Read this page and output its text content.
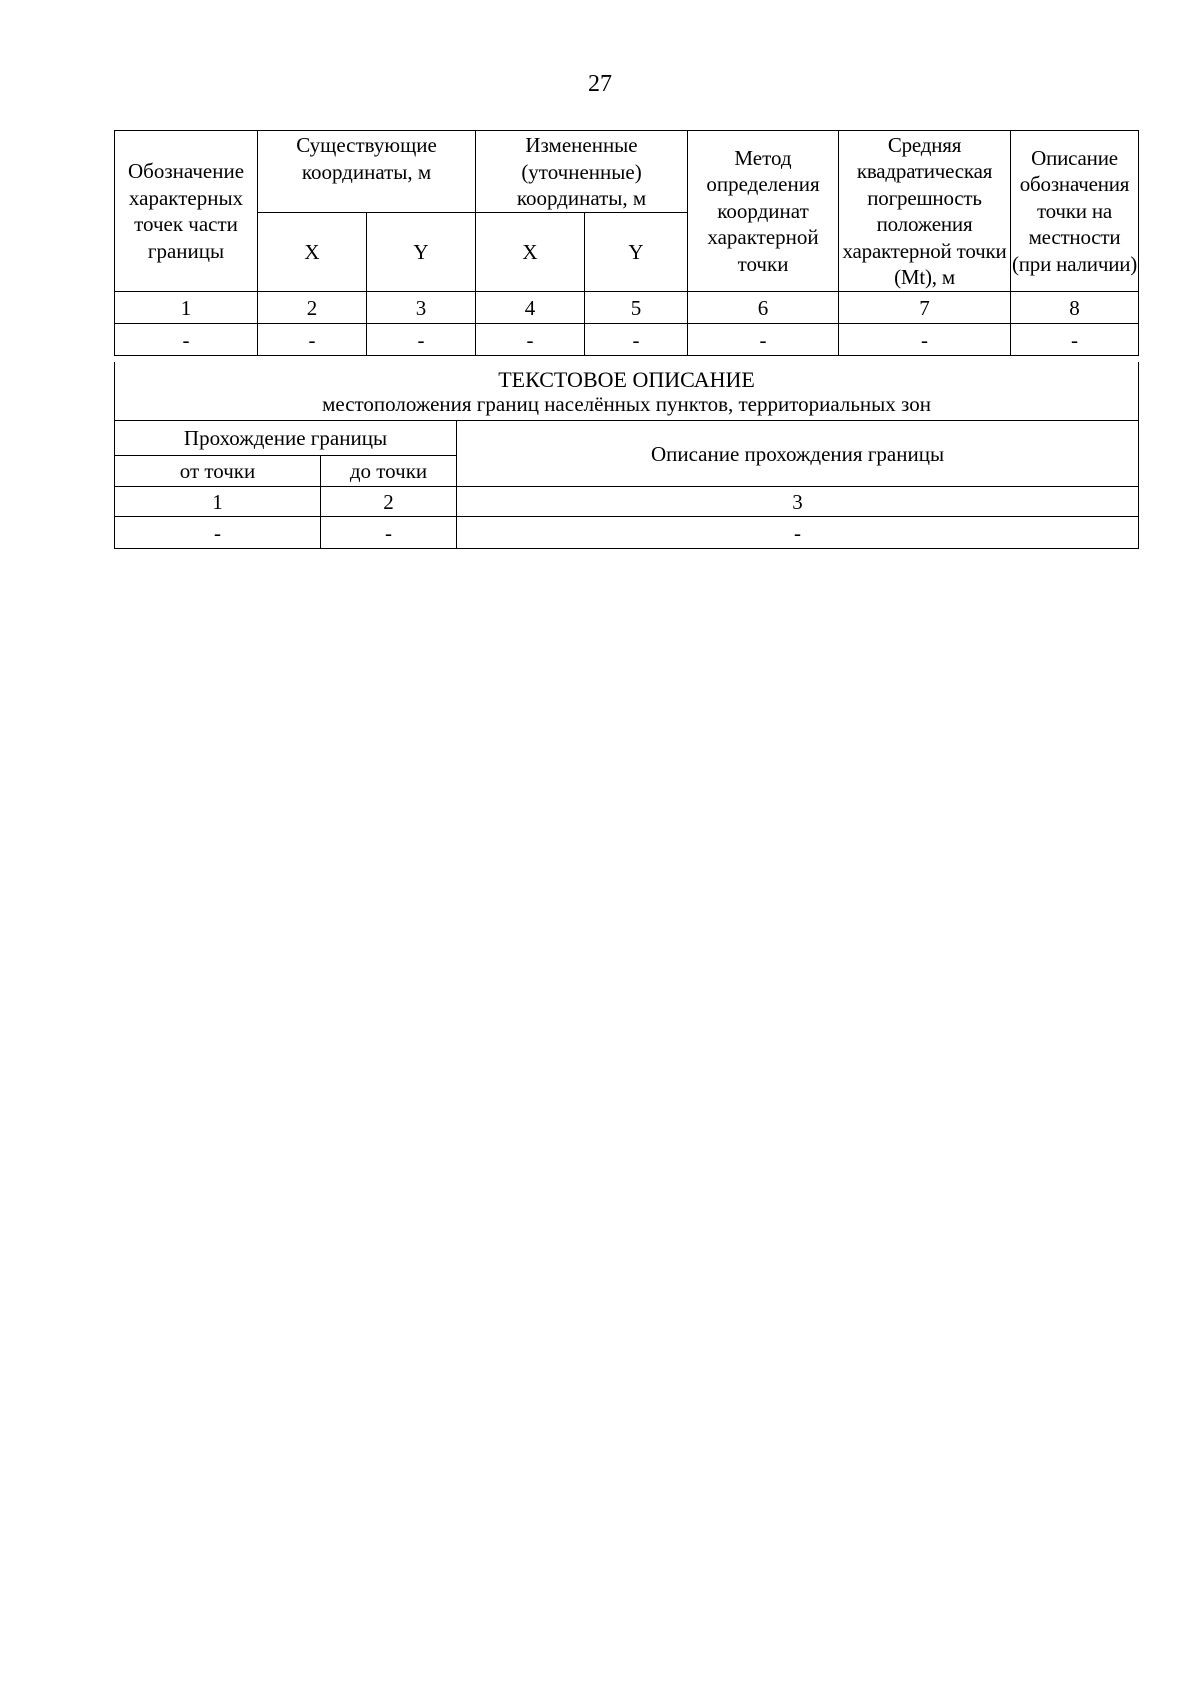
27
Обозначение характерных точек части границы	Существующие координаты, м		Измененные (уточненные) координаты, м		Метод определения координат характерной точки	Средняя квадратическая погрешность положения характерной точки (Mt), м	Описание обозначения точки на местности (при наличии)
	X	Y	X	Y			
1	2	3	4	5	6	7	8
-	-	-	-	-	-	-	-
ТЕКСТОВОЕ ОПИСАНИЕ
местоположения границ населённых пунктов, территориальных зон		

Прохождение границы		Описание прохождения границы
от точки	до точки	
1	2	3
-	-	-
